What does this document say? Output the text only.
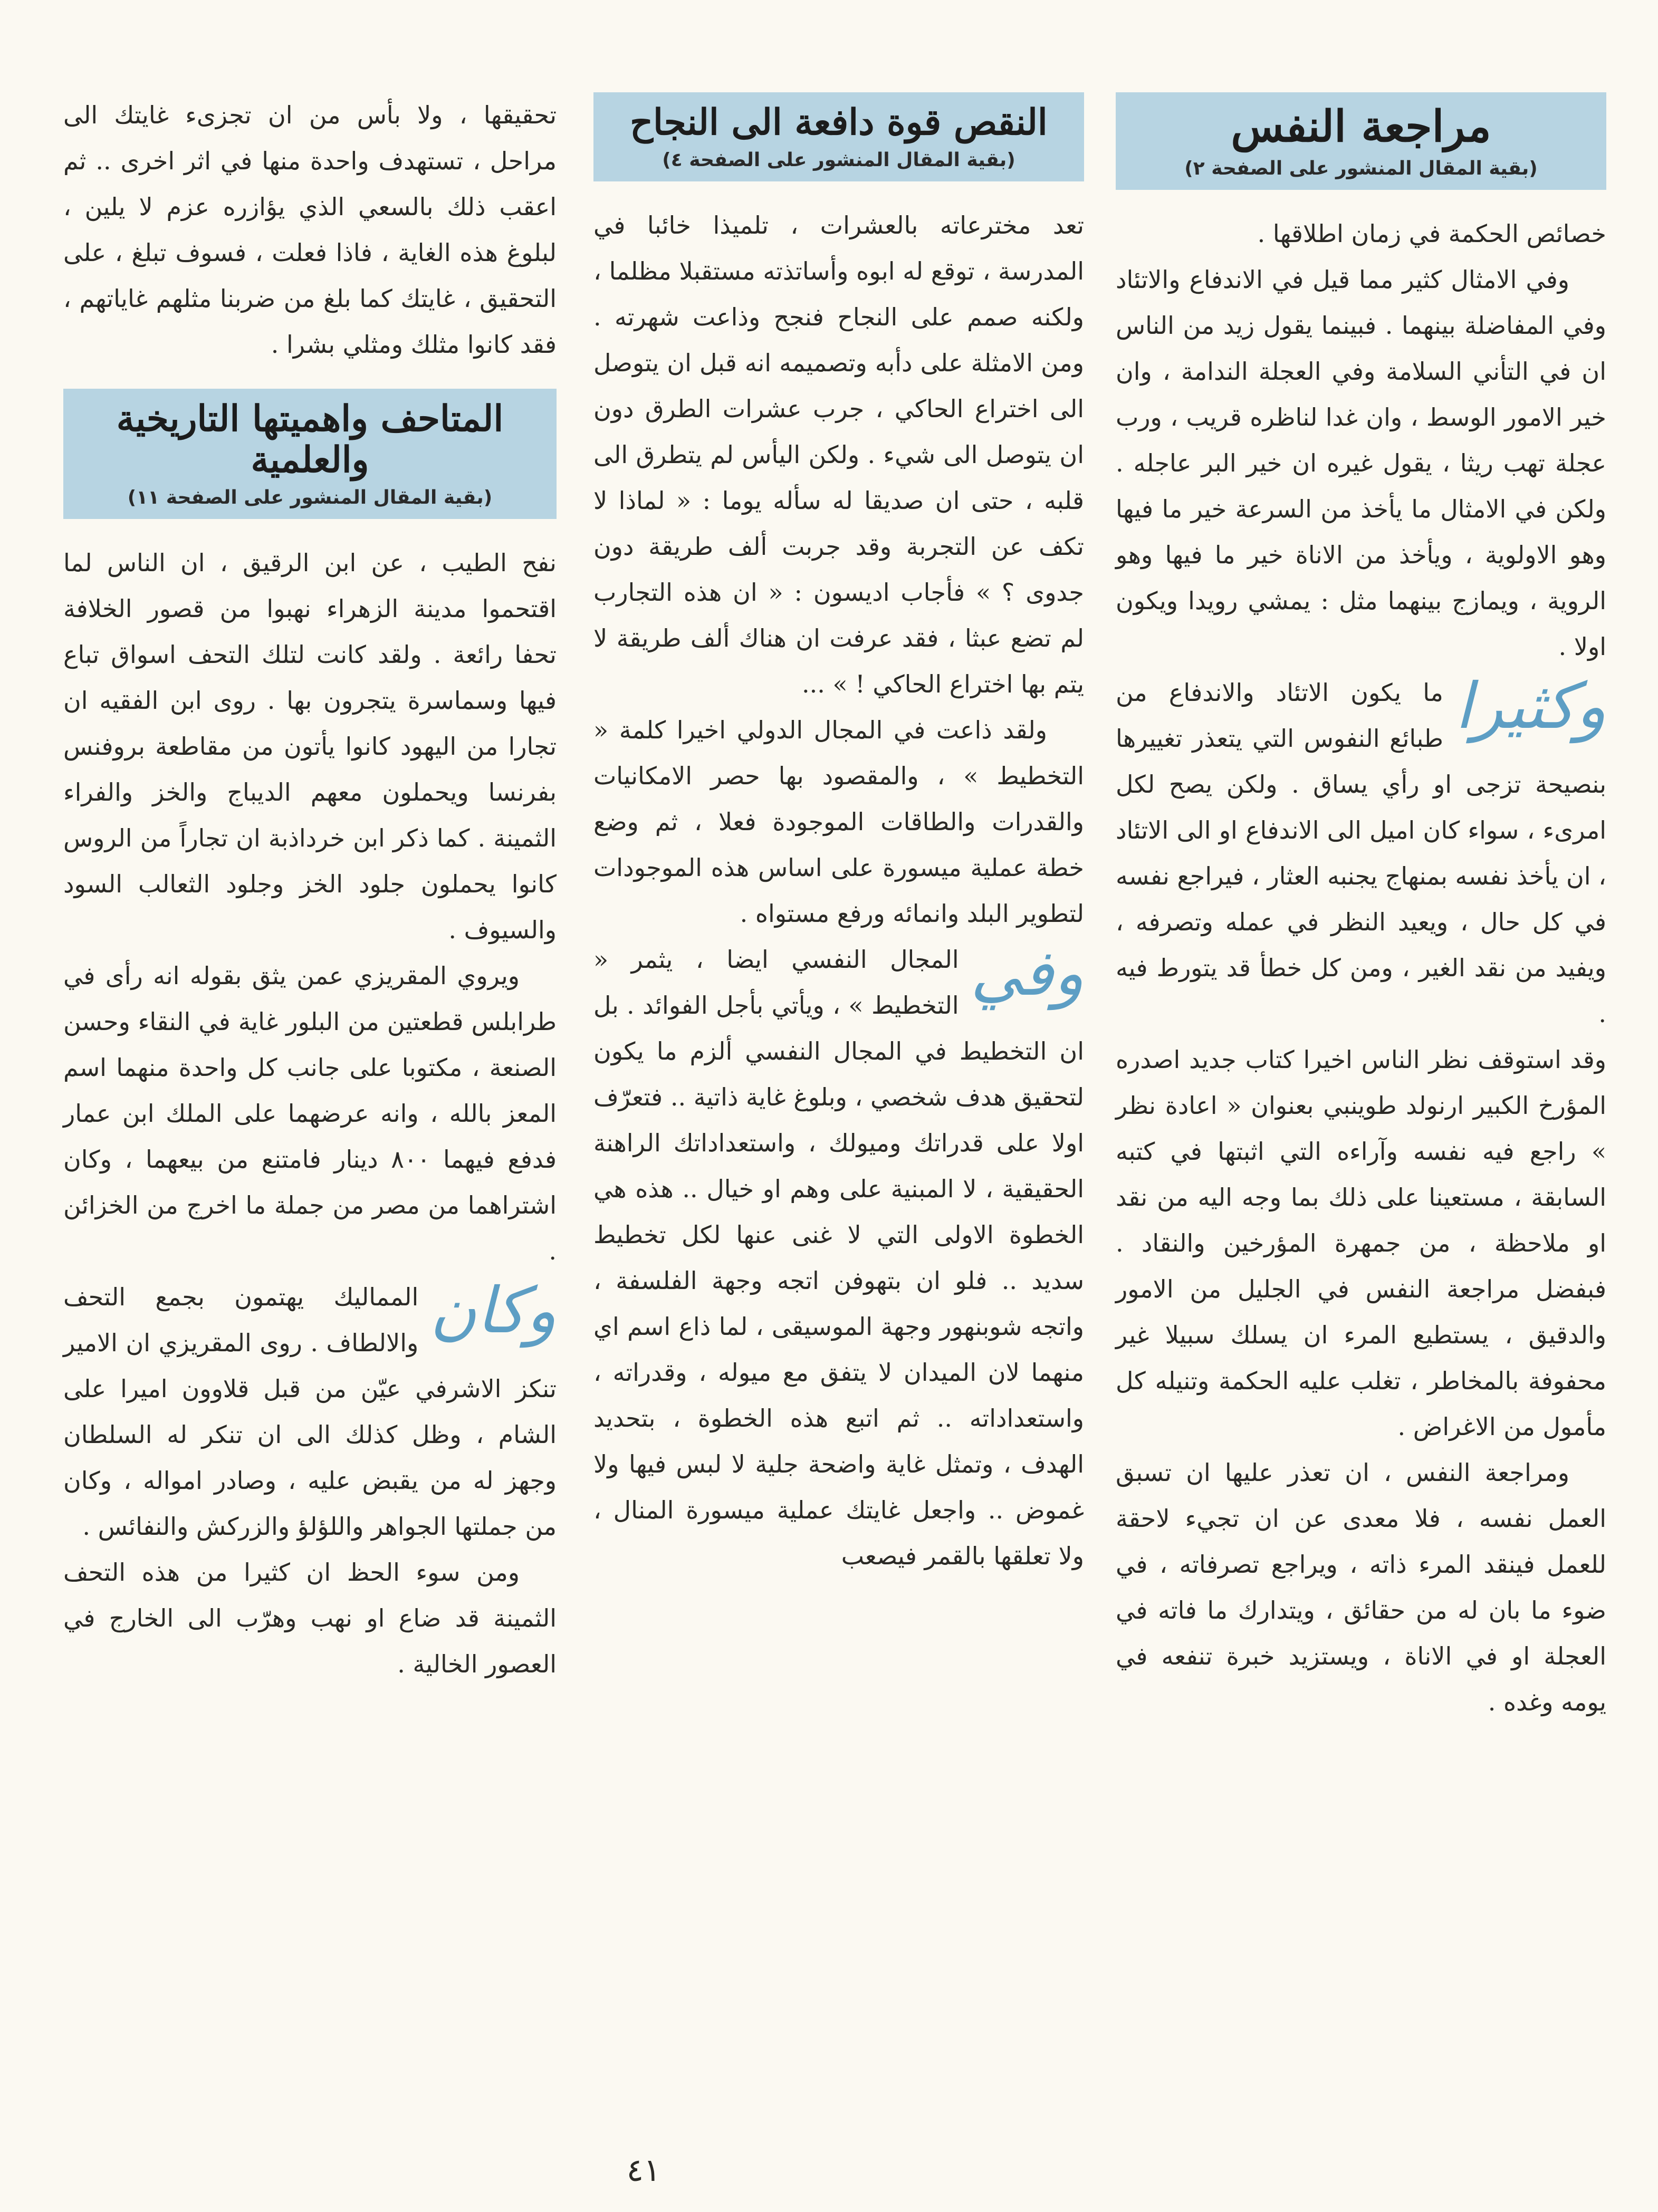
مراجعة النفس
(بقية المقال المنشور على الصفحة ٢)

خصائص الحكمة في زمان اطلاقها .

وفي الامثال كثير مما قيل في الاندفاع والاتئاد وفي المفاضلة بينهما . فبينما يقول زيد من الناس ان في التأني السلامة وفي العجلة الندامة ، وان خير الامور الوسط ، وان غدا لناظره قريب ، ورب عجلة تهب ريثا ، يقول غيره ان خير البر عاجله . ولكن في الامثال ما يأخذ من السرعة خير ما فيها وهو الاولوية ، ويأخذ من الاناة خير ما فيها وهو الروية ، ويمازج بينهما مثل : يمشي رويدا ويكون اولا .

وكثيرا
ما يكون الاتئاد والاندفاع من طبائع النفوس التي يتعذر تغييرها بنصيحة تزجى او رأي يساق . ولكن يصح لكل امرىء ، سواء كان اميل الى الاندفاع او الى الاتئاد ، ان يأخذ نفسه بمنهاج يجنبه العثار ، فيراجع نفسه في كل حال ، ويعيد النظر في عمله وتصرفه ، ويفيد من نقد الغير ، ومن كل خطأ قد يتورط فيه .

وقد استوقف نظر الناس اخيرا كتاب جديد اصدره المؤرخ الكبير ارنولد طوينبي بعنوان « اعادة نظر » راجع فيه نفسه وآراءه التي اثبتها في كتبه السابقة ، مستعينا على ذلك بما وجه اليه من نقد او ملاحظة ، من جمهرة المؤرخين والنقاد . فبفضل مراجعة النفس في الجليل من الامور والدقيق ، يستطيع المرء ان يسلك سبيلا غير محفوفة بالمخاطر ، تغلب عليه الحكمة وتنيله كل مأمول من الاغراض .

ومراجعة النفس ، ان تعذر عليها ان تسبق العمل نفسه ، فلا معدى عن ان تجيء لاحقة للعمل فينقد المرء ذاته ، ويراجع تصرفاته ، في ضوء ما بان له من حقائق ، ويتدارك ما فاته في العجلة او في الاناة ، ويستزيد خبرة تنفعه في يومه وغده .

النقص قوة دافعة الى النجاح
(بقية المقال المنشور على الصفحة ٤)

تعد مخترعاته بالعشرات ، تلميذا خائبا في المدرسة ، توقع له ابوه وأساتذته مستقبلا مظلما ، ولكنه صمم على النجاح فنجح وذاعت شهرته . ومن الامثلة على دأبه وتصميمه انه قبل ان يتوصل الى اختراع الحاكي ، جرب عشرات الطرق دون ان يتوصل الى شيء . ولكن اليأس لم يتطرق الى قلبه ، حتى ان صديقا له سأله يوما : « لماذا لا تكف عن التجربة وقد جربت ألف طريقة دون جدوى ؟ » فأجاب اديسون : « ان هذه التجارب لم تضع عبثا ، فقد عرفت ان هناك ألف طريقة لا يتم بها اختراع الحاكي ! » ...

ولقد ذاعت في المجال الدولي اخيرا كلمة « التخطيط » ، والمقصود بها حصر الامكانيات والقدرات والطاقات الموجودة فعلا ، ثم وضع خطة عملية ميسورة على اساس هذه الموجودات لتطوير البلد وانمائه ورفع مستواه .

وفي
المجال النفسي ايضا ، يثمر « التخطيط » ، ويأتي بأجل الفوائد . بل ان التخطيط في المجال النفسي ألزم ما يكون لتحقيق هدف شخصي ، وبلوغ غاية ذاتية .. فتعرّف اولا على قدراتك وميولك ، واستعداداتك الراهنة الحقيقية ، لا المبنية على وهم او خيال .. هذه هي الخطوة الاولى التي لا غنى عنها لكل تخطيط سديد .. فلو ان بتهوفن اتجه وجهة الفلسفة ، واتجه شوبنهور وجهة الموسيقى ، لما ذاع اسم اي منهما لان الميدان لا يتفق مع ميوله ، وقدراته ، واستعداداته .. ثم اتبع هذه الخطوة ، بتحديد الهدف ، وتمثل غاية واضحة جلية لا لبس فيها ولا غموض .. واجعل غايتك عملية ميسورة المنال ، ولا تعلقها بالقمر فيصعب

تحقيقها ، ولا بأس من ان تجزىء غايتك الى مراحل ، تستهدف واحدة منها في اثر اخرى .. ثم اعقب ذلك بالسعي الذي يؤازره عزم لا يلين ، لبلوغ هذه الغاية ، فاذا فعلت ، فسوف تبلغ ، على التحقيق ، غايتك كما بلغ من ضربنا مثلهم غاياتهم ، فقد كانوا مثلك ومثلي بشرا .

المتاحف واهميتها التاريخية والعلمية
(بقية المقال المنشور على الصفحة ١١)

نفح الطيب ، عن ابن الرقيق ، ان الناس لما اقتحموا مدينة الزهراء نهبوا من قصور الخلافة تحفا رائعة . ولقد كانت لتلك التحف اسواق تباع فيها وسماسرة يتجرون بها . روى ابن الفقيه ان تجارا من اليهود كانوا يأتون من مقاطعة بروفنس بفرنسا ويحملون معهم الديباج والخز والفراء الثمينة . كما ذكر ابن خرداذبة ان تجاراً من الروس كانوا يحملون جلود الخز وجلود الثعالب السود والسيوف .

ويروي المقريزي عمن يثق بقوله انه رأى في طرابلس قطعتين من البلور غاية في النقاء وحسن الصنعة ، مكتوبا على جانب كل واحدة منهما اسم المعز بالله ، وانه عرضهما على الملك ابن عمار فدفع فيهما ٨٠٠ دينار فامتنع من بيعهما ، وكان اشتراهما من مصر من جملة ما اخرج من الخزائن .

وكان
المماليك يهتمون بجمع التحف والالطاف . روى المقريزي ان الامير تنكز الاشرفي عيّن من قبل قلاوون اميرا على الشام ، وظل كذلك الى ان تنكر له السلطان وجهز له من يقبض عليه ، وصادر امواله ، وكان من جملتها الجواهر واللؤلؤ والزركش والنفائس .

ومن سوء الحظ ان كثيرا من هذه التحف الثمينة قد ضاع او نهب وهرّب الى الخارج في العصور الخالية .

٤١
